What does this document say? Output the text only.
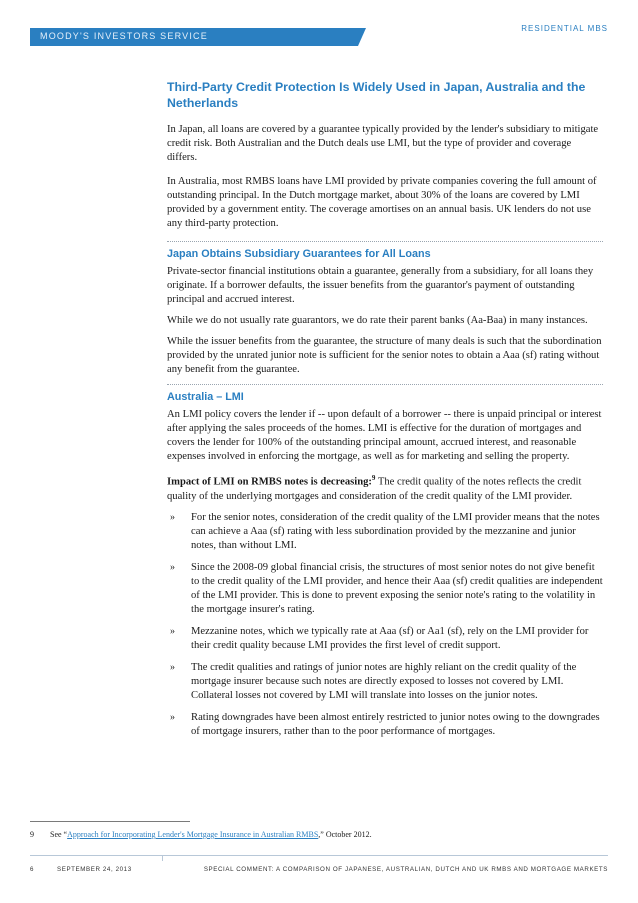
MOODY'S INVESTORS SERVICE
RESIDENTIAL MBS
Third-Party Credit Protection Is Widely Used in Japan, Australia and the Netherlands

In Japan, all loans are covered by a guarantee typically provided by the lender's subsidiary to mitigate credit risk. Both Australian and the Dutch deals use LMI, but the type of provider and coverage differs.

In Australia, most RMBS loans have LMI provided by private companies covering the full amount of outstanding principal. In the Dutch mortgage market, about 30% of the loans are covered by LMI provided by a government entity. The coverage amortises on an annual basis. UK lenders do not use any third-party protection.

Japan Obtains Subsidiary Guarantees for All Loans

Private-sector financial institutions obtain a guarantee, generally from a subsidiary, for all loans they originate. If a borrower defaults, the issuer benefits from the guarantor's payment of outstanding principal and accrued interest.

While we do not usually rate guarantors, we do rate their parent banks (Aa-Baa) in many instances.

While the issuer benefits from the guarantee, the structure of many deals is such that the subordination provided by the unrated junior note is sufficient for the senior notes to obtain a Aaa (sf) rating without any benefit from the guarantee.

Australia – LMI

An LMI policy covers the lender if -- upon default of a borrower -- there is unpaid principal or interest after applying the sales proceeds of the homes. LMI is effective for the duration of mortgages and covers the lender for 100% of the outstanding principal amount, accrued interest, and reasonable expenses involved in enforcing the mortgage, as well as for marketing and selling the property.

Impact of LMI on RMBS notes is decreasing:$^9$ The credit quality of the notes reflects the credit quality of the underlying mortgages and consideration of the credit quality of the LMI provider.

» For the senior notes, consideration of the credit quality of the LMI provider means that the notes can achieve a Aaa (sf) rating with less subordination provided by the mezzanine and junior notes, than without LMI.
» Since the 2008-09 global financial crisis, the structures of most senior notes do not give benefit to the credit quality of the LMI provider, and hence their Aaa (sf) credit qualities are independent of the LMI provider. This is done to prevent exposing the senior note's rating to the volatility in the mortgage insurer's rating.
» Mezzanine notes, which we typically rate at Aaa (sf) or Aa1 (sf), rely on the LMI provider for their credit quality because LMI provides the first level of credit support.
» The credit qualities and ratings of junior notes are highly reliant on the credit quality of the mortgage insurer because such notes are directly exposed to losses not covered by LMI. Collateral losses not covered by LMI will translate into losses on the junior notes.
» Rating downgrades have been almost entirely restricted to junior notes owing to the downgrades of mortgage insurers, rather than to the poor performance of mortgages.
9 See “Approach for Incorporating Lender's Mortgage Insurance in Australian RMBS,” October 2012.
6	SEPTEMBER 24, 2013	SPECIAL COMMENT: A COMPARISON OF JAPANESE, AUSTRALIAN, DUTCH AND UK RMBS AND MORTGAGE MARKETS
